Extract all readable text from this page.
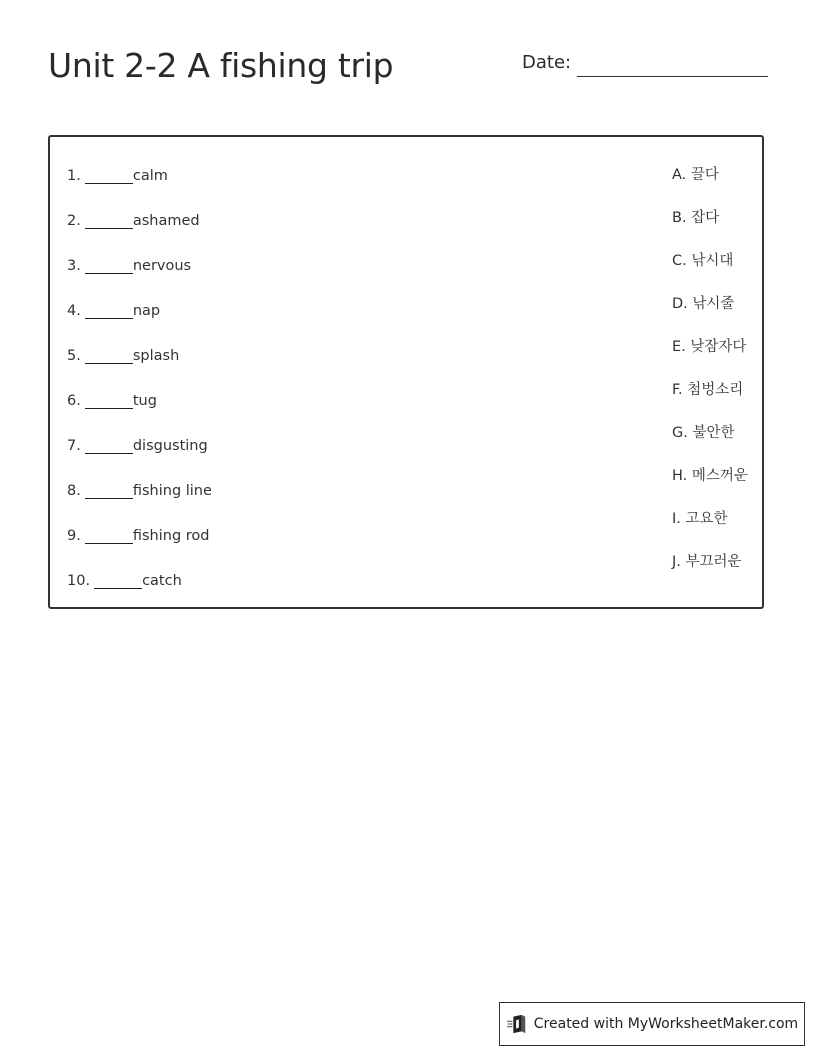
Unit 2-2 A fishing trip	Date:
1.	calm
2.	ashamed
3.	nervous
4.	nap
5.	splash
6.	tug
7.	disgusting
8.	fishing line
9.	fishing rod
10.	catch
A. 끌다
B. 잡다
C. 낚시대
D. 낚시줄
E. 낮잠자다
F. 첨벙소리
G. 불안한
H. 메스꺼운
I. 고요한
J. 부끄러운
Created with MyWorksheetMaker.com
